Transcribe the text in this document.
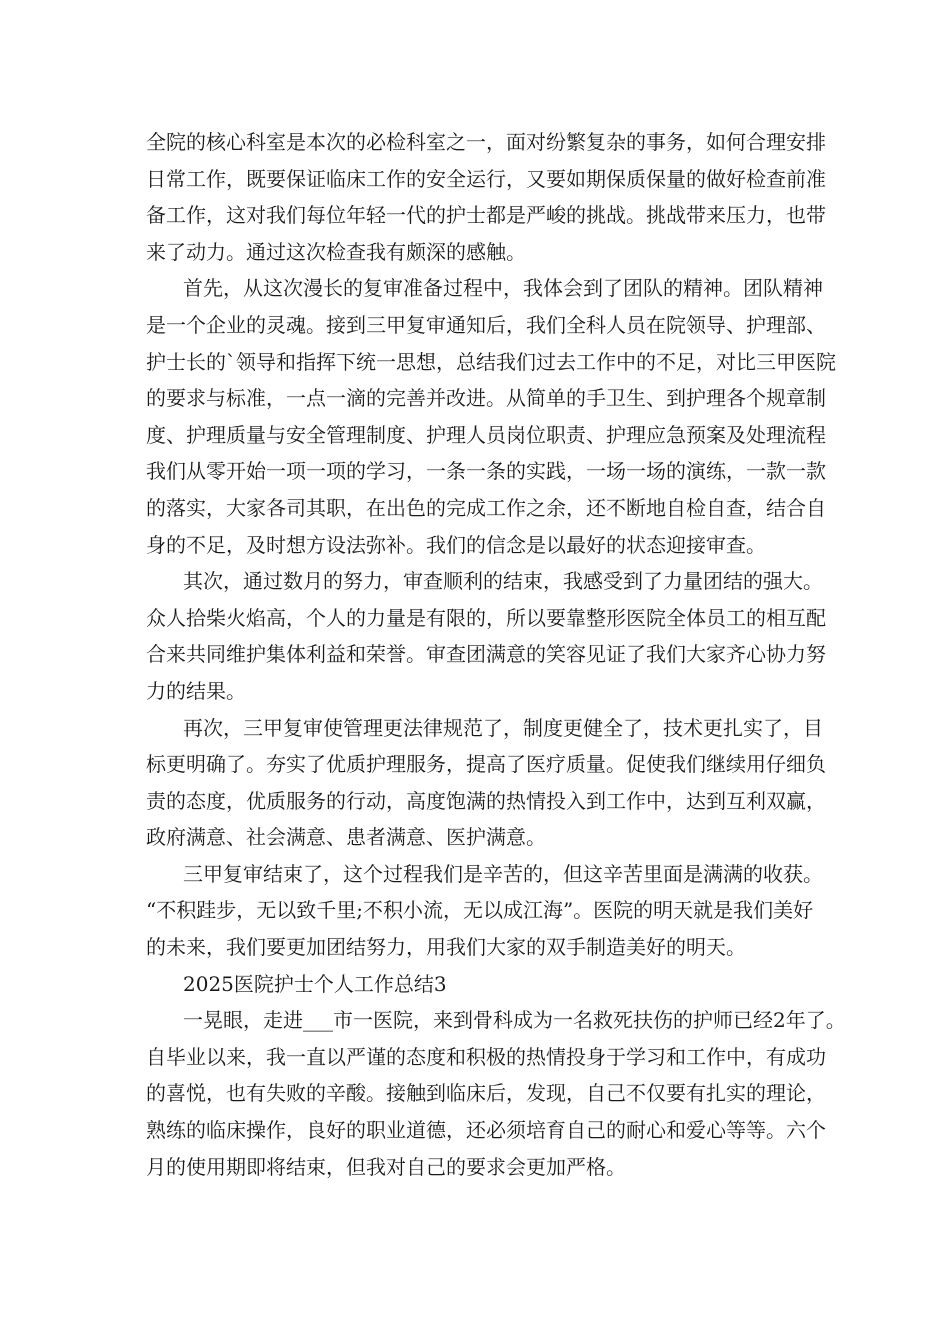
全院的核心科室是本次的必检科室之一，面对纷繁复杂的事务，如何合理安排
日常工作，既要保证临床工作的安全运行，又要如期保质保量的做好检查前准
备工作，这对我们每位年轻一代的护士都是严峻的挑战。挑战带来压力，也带
来了动力。通过这次检查我有颇深的感触。
首先，从这次漫长的复审准备过程中，我体会到了团队的精神。团队精神
是一个企业的灵魂。接到三甲复审通知后，我们全科人员在院领导、护理部、
护士长的`领导和指挥下统一思想，总结我们过去工作中的不足，对比三甲医院
的要求与标准，一点一滴的完善并改进。从简单的手卫生、到护理各个规章制
度、护理质量与安全管理制度、护理人员岗位职责、护理应急预案及处理流程
我们从零开始一项一项的学习，一条一条的实践，一场一场的演练，一款一款
的落实，大家各司其职，在出色的完成工作之余，还不断地自检自查，结合自
身的不足，及时想方设法弥补。我们的信念是以最好的状态迎接审查。
其次，通过数月的努力，审查顺利的结束，我感受到了力量团结的强大。
众人拾柴火焰高，个人的力量是有限的，所以要靠整形医院全体员工的相互配
合来共同维护集体利益和荣誉。审查团满意的笑容见证了我们大家齐心协力努
力的结果。
再次，三甲复审使管理更法律规范了，制度更健全了，技术更扎实了，目
标更明确了。夯实了优质护理服务，提高了医疗质量。促使我们继续用仔细负
责的态度，优质服务的行动，高度饱满的热情投入到工作中，达到互利双赢，
政府满意、社会满意、患者满意、医护满意。
三甲复审结束了，这个过程我们是辛苦的，但这辛苦里面是满满的收获。
“不积跬步，无以致千里;不积小流，无以成江海”。医院的明天就是我们美好
的未来，我们要更加团结努力，用我们大家的双手制造美好的明天。
2025医院护士个人工作总结3
一晃眼，走进___市一医院，来到骨科成为一名救死扶伤的护师已经2年了。
自毕业以来，我一直以严谨的态度和积极的热情投身于学习和工作中，有成功
的喜悦，也有失败的辛酸。接触到临床后，发现，自己不仅要有扎实的理论，
熟练的临床操作，良好的职业道德，还必须培育自己的耐心和爱心等等。六个
月的使用期即将结束，但我对自己的要求会更加严格。
